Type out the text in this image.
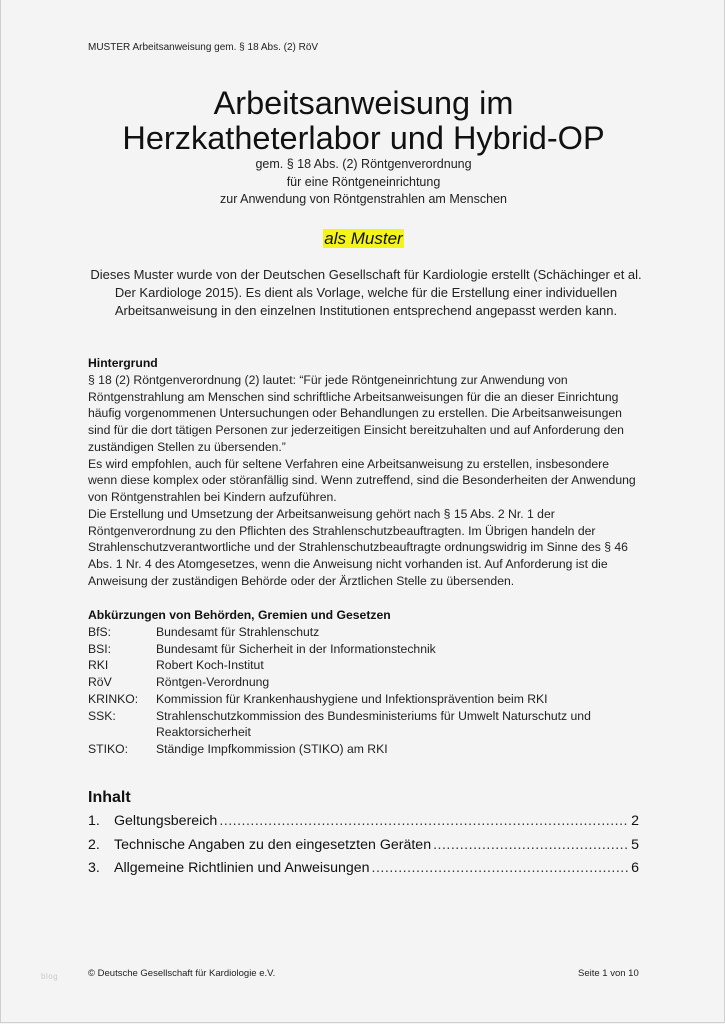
MUSTER Arbeitsanweisung gem. § 18 Abs. (2) RöV
Arbeitsanweisung im
Herzkatheterlabor und Hybrid-OP
gem. § 18 Abs. (2) Röntgenverordnung
für eine Röntgeneinrichtung
zur Anwendung von Röntgenstrahlen am Menschen
als Muster
Dieses Muster wurde von der Deutschen Gesellschaft für Kardiologie erstellt (Schächinger et al.
Der Kardiologe 2015). Es dient als Vorlage, welche für die Erstellung einer individuellen
Arbeitsanweisung in den einzelnen Institutionen entsprechend angepasst werden kann.
Hintergrund
§ 18 (2) Röntgenverordnung (2) lautet: “Für jede Röntgeneinrichtung zur Anwendung von
Röntgenstrahlung am Menschen sind schriftliche Arbeitsanweisungen für die an dieser Einrichtung
häufig vorgenommenen Untersuchungen oder Behandlungen zu erstellen. Die Arbeitsanweisungen
sind für die dort tätigen Personen zur jederzeitigen Einsicht bereitzuhalten und auf Anforderung den
zuständigen Stellen zu übersenden.”
Es wird empfohlen, auch für seltene Verfahren eine Arbeitsanweisung zu erstellen, insbesondere
wenn diese komplex oder störanfällig sind. Wenn zutreffend, sind die Besonderheiten der Anwendung
von Röntgenstrahlen bei Kindern aufzuführen.
Die Erstellung und Umsetzung der Arbeitsanweisung gehört nach § 15 Abs. 2 Nr. 1 der
Röntgenverordnung zu den Pflichten des Strahlenschutzbeauftragten. Im Übrigen handeln der
Strahlenschutzverantwortliche und der Strahlenschutzbeauftragte ordnungswidrig im Sinne des § 46
Abs. 1 Nr. 4 des Atomgesetzes, wenn die Anweisung nicht vorhanden ist. Auf Anforderung ist die
Anweisung der zuständigen Behörde oder der Ärztlichen Stelle zu übersenden.
Abkürzungen von Behörden, Gremien und Gesetzen
BfS:	Bundesamt für Strahlenschutz
BSI:	Bundesamt für Sicherheit in der Informationstechnik
RKI	Robert Koch-Institut
RöV	Röntgen-Verordnung
KRINKO:	Kommission für Krankenhaushygiene und Infektionsprävention beim RKI
SSK:	Strahlenschutzkommission des Bundesministeriums für Umwelt Naturschutz und
Reaktorsicherheit
STIKO:	Ständige Impfkommission (STIKO) am RKI
Inhalt
1. Geltungsbereich .....	2
2. Technische Angaben zu den eingesetzten Geräten .....	5
3. Allgemeine Richtlinien und Anweisungen .....	6
blog	© Deutsche Gesellschaft für Kardiologie e.V.	Seite 1 von 10
